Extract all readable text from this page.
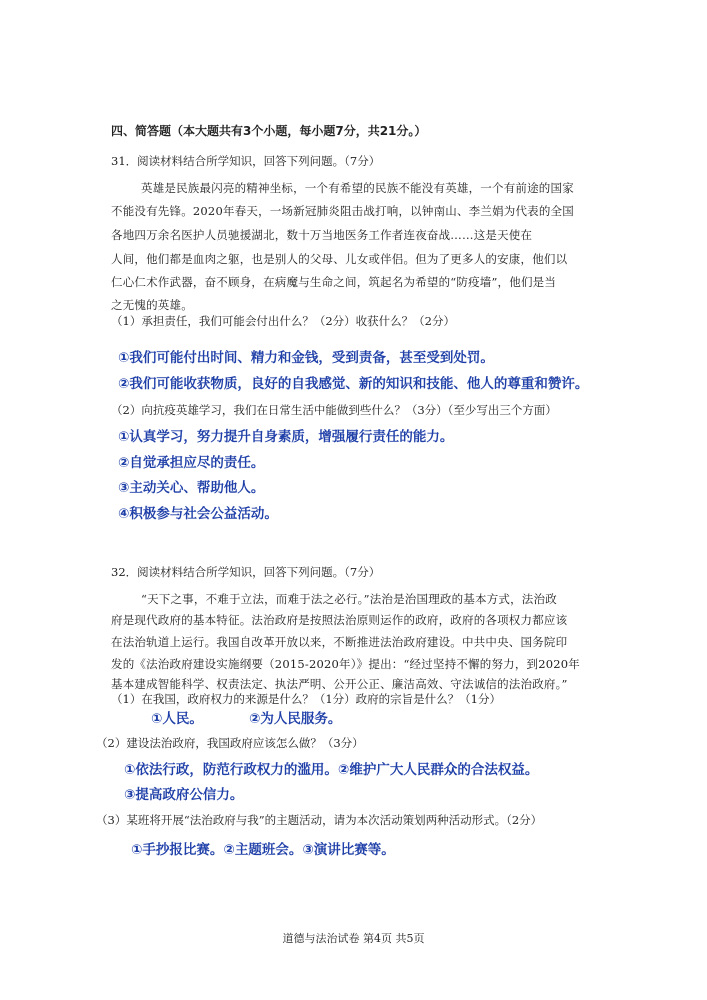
四、简答题（本大题共有3个小题，每小题7分，共21分。）
31．阅读材料结合所学知识，回答下列问题。（7分）
英雄是民族最闪亮的精神坐标，一个有希望的民族不能没有英雄，一个有前途的国家
不能没有先锋。2020年春天，一场新冠肺炎阻击战打响，以钟南山、李兰娟为代表的全国
各地四万余名医护人员驰援湖北，数十万当地医务工作者连夜奋战……这是天使在
人间，他们都是血肉之躯，也是别人的父母、儿女或伴侣。但为了更多人的安康，他们以
仁心仁术作武器，奋不顾身，在病魔与生命之间，筑起名为希望的“防疫墙”，他们是当
之无愧的英雄。
（1）承担责任，我们可能会付出什么？（2分）收获什么？（2分）
①我们可能付出时间、精力和金钱，受到责备，甚至受到处罚。
②我们可能收获物质，良好的自我感觉、新的知识和技能、他人的尊重和赞许。
（2）向抗疫英雄学习，我们在日常生活中能做到些什么？（3分）（至少写出三个方面）
①认真学习，努力提升自身素质，增强履行责任的能力。
②自觉承担应尽的责任。
③主动关心、帮助他人。
④积极参与社会公益活动。
32．阅读材料结合所学知识，回答下列问题。（7分）
“天下之事，不难于立法，而难于法之必行。”法治是治国理政的基本方式，法治政
府是现代政府的基本特征。法治政府是按照法治原则运作的政府，政府的各项权力都应该
在法治轨道上运行。我国自改革开放以来，不断推进法治政府建设。中共中央、国务院印
发的《法治政府建设实施纲要（2015-2020年）》提出：“经过坚持不懈的努力，到2020年
基本建成智能科学、权责法定、执法严明、公开公正、廉洁高效、守法诚信的法治政府。”
（1）在我国，政府权力的来源是什么？（1分）政府的宗旨是什么？（1分）
①人民。	②为人民服务。
（2）建设法治政府，我国政府应该怎么做？（3分）
①依法行政，防范行政权力的滥用。②维护广大人民群众的合法权益。
③提高政府公信力。
（3）某班将开展“法治政府与我”的主题活动，请为本次活动策划两种活动形式。（2分）
①手抄报比赛。②主题班会。③演讲比赛等。
道德与法治试卷 第4页 共5页
